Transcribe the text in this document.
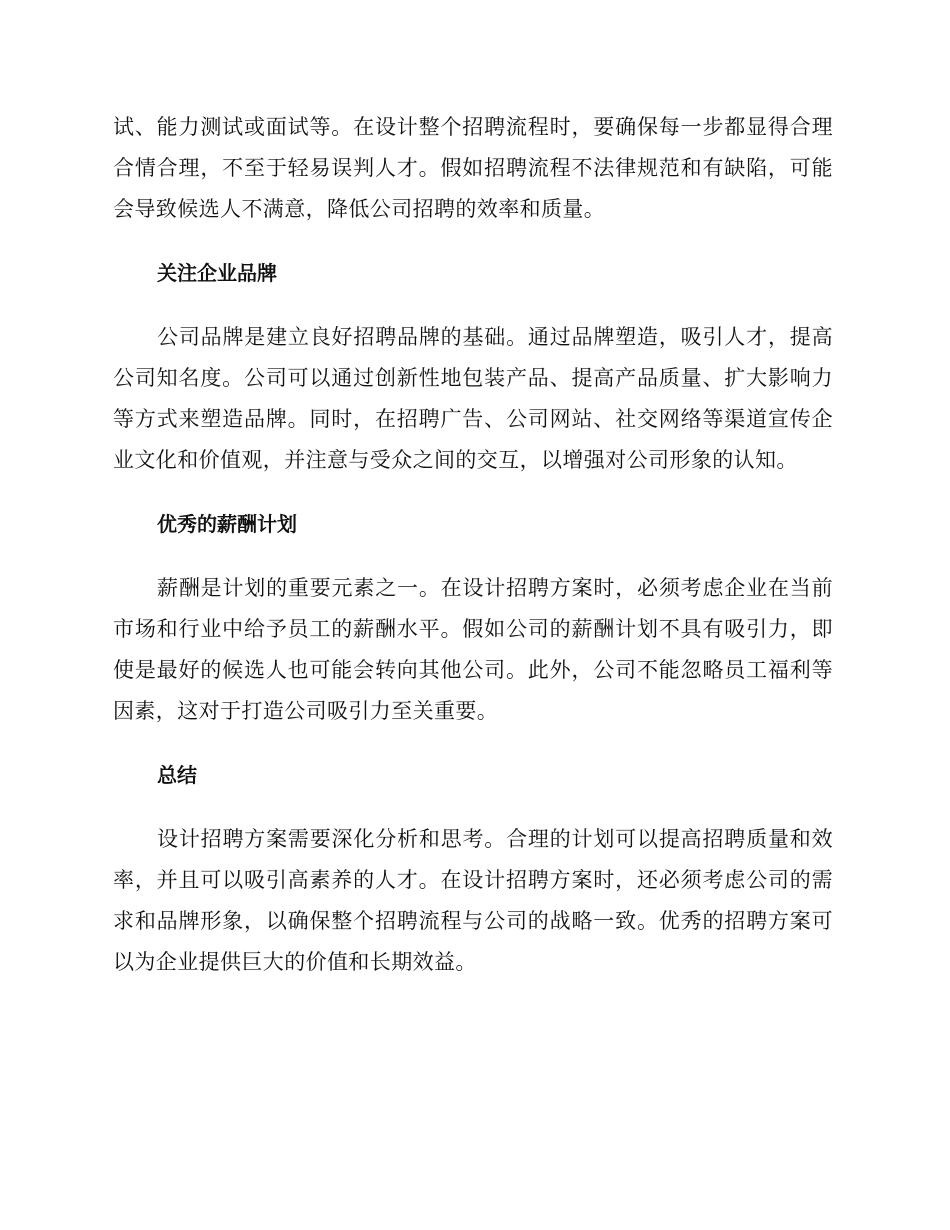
试、能力测试或面试等。在设计整个招聘流程时，要确保每一步都显得合理合情合理，不至于轻易误判人才。假如招聘流程不法律规范和有缺陷，可能会导致候选人不满意，降低公司招聘的效率和质量。

关注企业品牌

公司品牌是建立良好招聘品牌的基础。通过品牌塑造，吸引人才，提高公司知名度。公司可以通过创新性地包装产品、提高产品质量、扩大影响力等方式来塑造品牌。同时，在招聘广告、公司网站、社交网络等渠道宣传企业文化和价值观，并注意与受众之间的交互，以增强对公司形象的认知。

优秀的薪酬计划

薪酬是计划的重要元素之一。在设计招聘方案时，必须考虑企业在当前市场和行业中给予员工的薪酬水平。假如公司的薪酬计划不具有吸引力，即使是最好的候选人也可能会转向其他公司。此外，公司不能忽略员工福利等因素，这对于打造公司吸引力至关重要。

总结

设计招聘方案需要深化分析和思考。合理的计划可以提高招聘质量和效率，并且可以吸引高素养的人才。在设计招聘方案时，还必须考虑公司的需求和品牌形象，以确保整个招聘流程与公司的战略一致。优秀的招聘方案可以为企业提供巨大的价值和长期效益。
